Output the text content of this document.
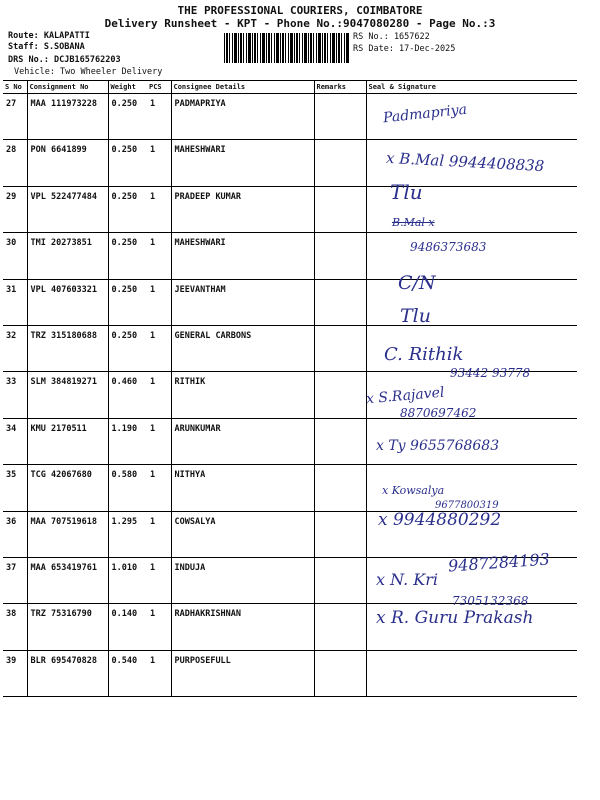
THE PROFESSIONAL COURIERS, COIMBATORE
Delivery Runsheet - KPT - Phone No.:9047080280 - Page No.:3
Route: KALAPATTI
Staff: S.SOBANA
DRS No.: DCJB165762203
Vehicle: Two Wheeler Delivery
RS No.: 1657622
RS Date: 17-Dec-2025
S No	Consignment No	Weight	PCS	Consignee Details	Remarks	Seal & Signature
27	MAA 111973228	0.250	1	PADMAPRIYA		
28	PON 6641899	0.250	1	MAHESHWARI		
29	VPL 522477484	0.250	1	PRADEEP KUMAR		
30	TMI 20273851	0.250	1	MAHESHWARI		
31	VPL 407603321	0.250	1	JEEVANTHAM		
32	TRZ 315180688	0.250	1	GENERAL CARBONS		
33	SLM 384819271	0.460	1	RITHIK		
34	KMU 2170511	1.190	1	ARUNKUMAR		
35	TCG 42067680	0.580	1	NITHYA		
36	MAA 707519618	1.295	1	COWSALYA		
37	MAA 653419761	1.010	1	INDUJA		
38	TRZ 75316790	0.140	1	RADHAKRISHNAN		
39	BLR 695470828	0.540	1	PURPOSEFULL		
Padmapriya
x B.Mal 9944408838
Tlu
B.Mal x
9486373683
C/N
Tlu
C. Rithik
93442 93778
x S.Rajavel
8870697462
x Ty 9655768683
x Kowsalya
9677800319
x 9944880292
9487284193
x N. Kri
7305132368
x R. Guru Prakash
